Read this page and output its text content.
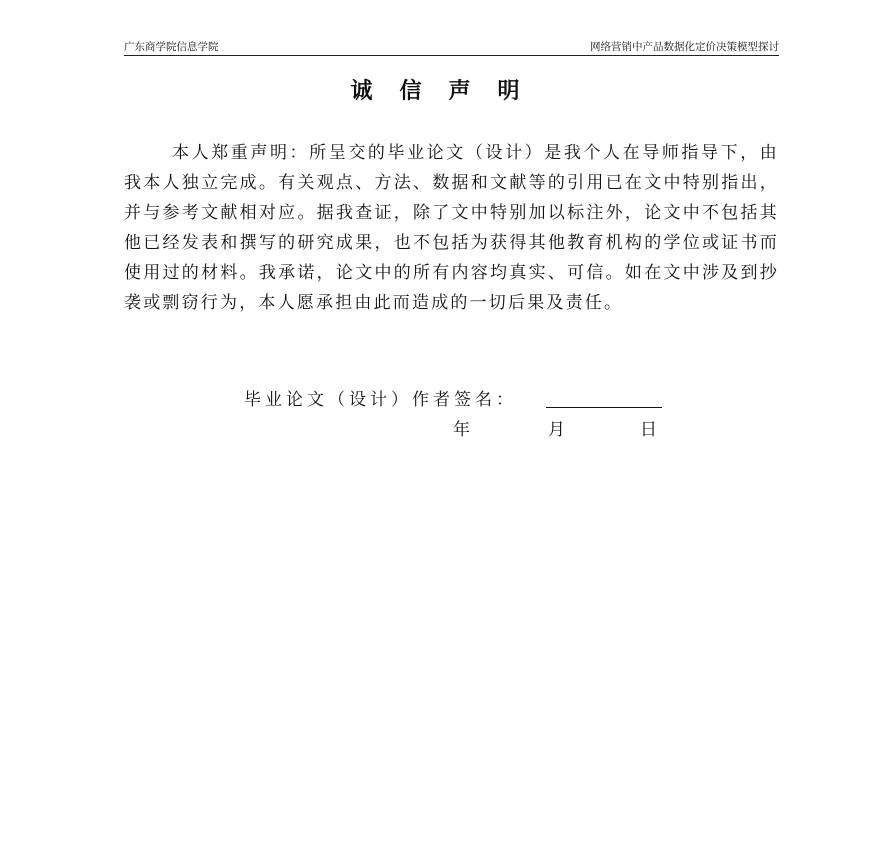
广东商学院信息学院	网络营销中产品数据化定价决策模型探讨
诚信声明

本人郑重声明：所呈交的毕业论文（设计）是我个人在导师指导下，由我本人独立完成。有关观点、方法、数据和文献等的引用已在文中特别指出，并与参考文献相对应。据我查证，除了文中特别加以标注外，论文中不包括其他已经发表和撰写的研究成果，也不包括为获得其他教育机构的学位或证书而使用过的材料。我承诺，论文中的所有内容均真实、可信。如在文中涉及到抄袭或剽窃行为，本人愿承担由此而造成的一切后果及责任。

毕业论文（设计）作者签名：
年	月	日
